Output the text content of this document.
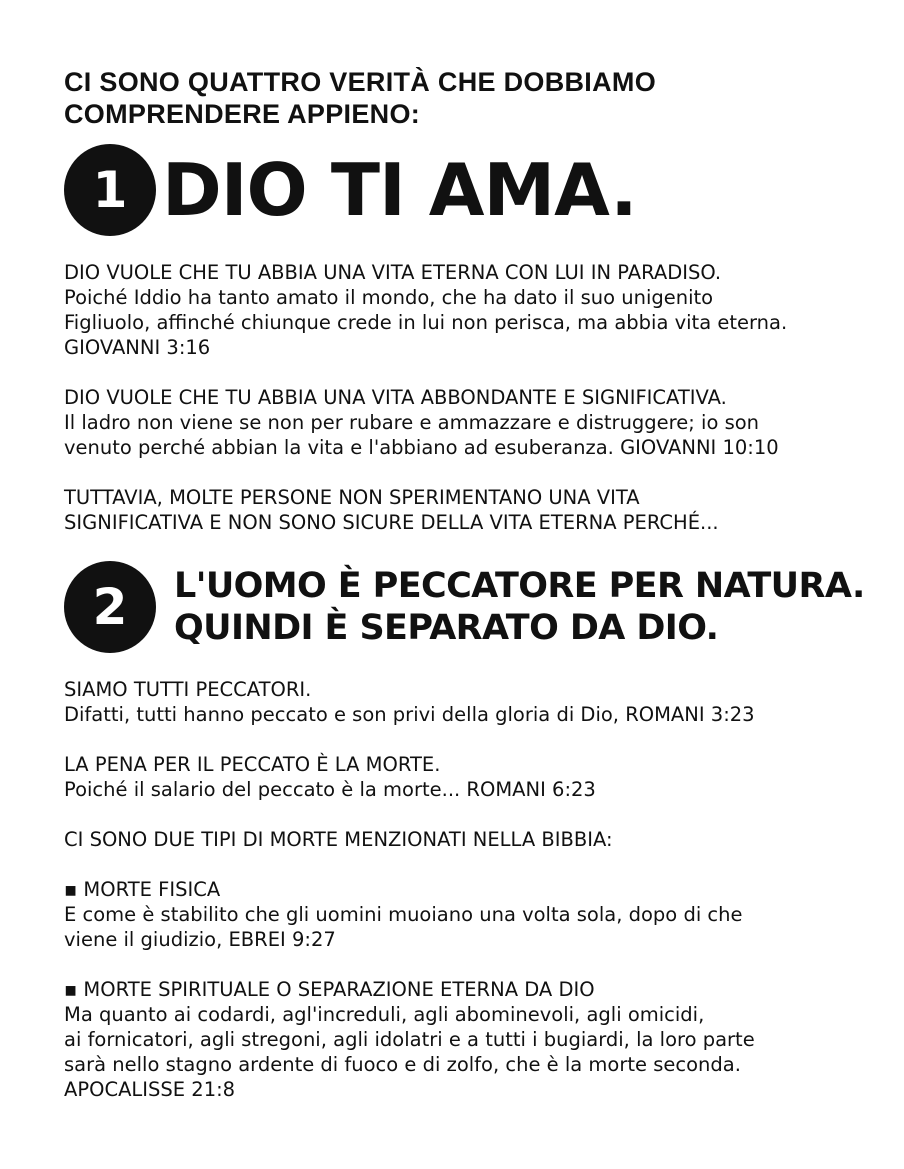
CI SONO QUATTRO VERITÀ CHE DOBBIAMO
COMPRENDERE APPIENO:

1 DIO TI AMA.

DIO VUOLE CHE TU ABBIA UNA VITA ETERNA CON LUI IN PARADISO.
Poiché Iddio ha tanto amato il mondo, che ha dato il suo unigenito
Figliuolo, affinché chiunque crede in lui non perisca, ma abbia vita eterna.
GIOVANNI 3:16

DIO VUOLE CHE TU ABBIA UNA VITA ABBONDANTE E SIGNIFICATIVA.
Il ladro non viene se non per rubare e ammazzare e distruggere; io son
venuto perché abbian la vita e l'abbiano ad esuberanza. GIOVANNI 10:10

TUTTAVIA, MOLTE PERSONE NON SPERIMENTANO UNA VITA
SIGNIFICATIVA E NON SONO SICURE DELLA VITA ETERNA PERCHÉ...

2	L'UOMO È PECCATORE PER NATURA.
QUINDI È SEPARATO DA DIO.

SIAMO TUTTI PECCATORI.
Difatti, tutti hanno peccato e son privi della gloria di Dio, ROMANI 3:23

LA PENA PER IL PECCATO È LA MORTE.
Poiché il salario del peccato è la morte... ROMANI 6:23

CI SONO DUE TIPI DI MORTE MENZIONATI NELLA BIBBIA:

▪ MORTE FISICA
E come è stabilito che gli uomini muoiano una volta sola, dopo di che
viene il giudizio, EBREI 9:27

▪ MORTE SPIRITUALE O SEPARAZIONE ETERNA DA DIO
Ma quanto ai codardi, agl'increduli, agli abominevoli, agli omicidi,
ai fornicatori, agli stregoni, agli idolatri e a tutti i bugiardi, la loro parte
sarà nello stagno ardente di fuoco e di zolfo, che è la morte seconda.
APOCALISSE 21:8
